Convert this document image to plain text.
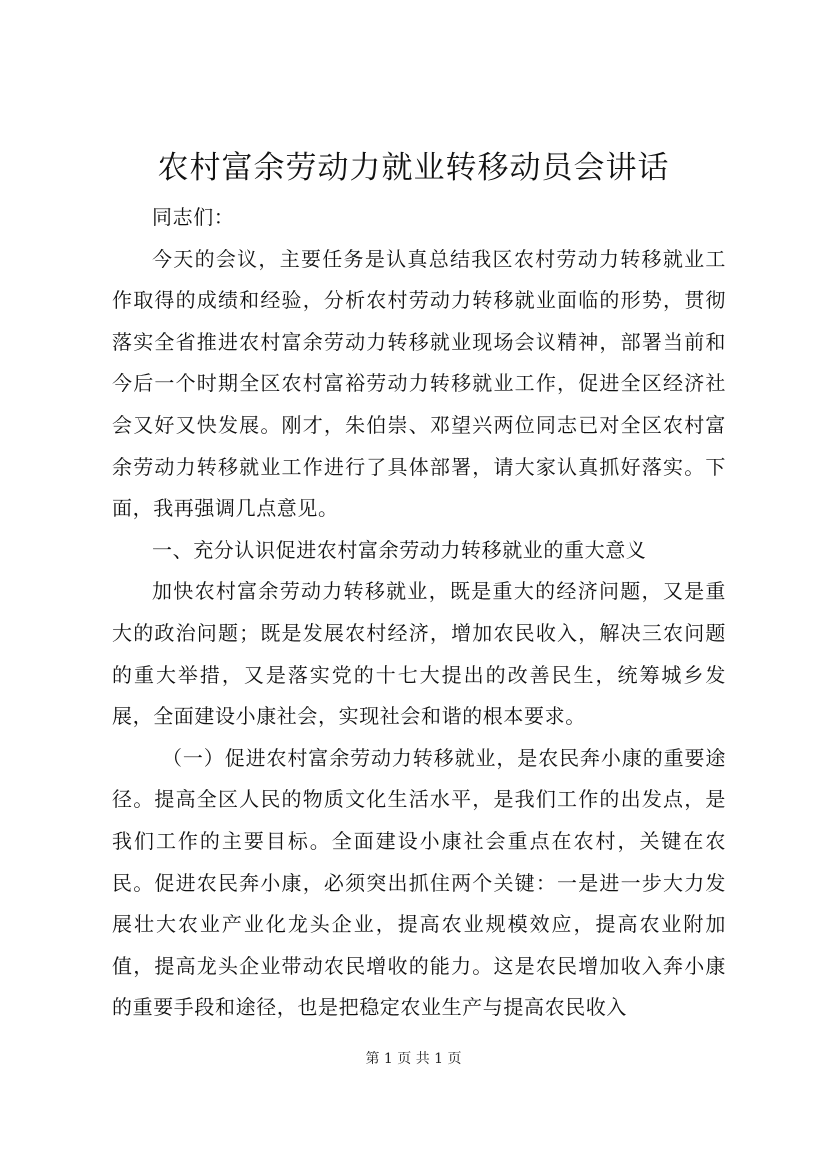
农村富余劳动力就业转移动员会讲话

同志们：

今天的会议，主要任务是认真总结我区农村劳动力转移就业工作取得的成绩和经验，分析农村劳动力转移就业面临的形势，贯彻落实全省推进农村富余劳动力转移就业现场会议精神，部署当前和今后一个时期全区农村富裕劳动力转移就业工作，促进全区经济社会又好又快发展。刚才，朱伯崇、邓望兴两位同志已对全区农村富余劳动力转移就业工作进行了具体部署，请大家认真抓好落实。下面，我再强调几点意见。

一、充分认识促进农村富余劳动力转移就业的重大意义

加快农村富余劳动力转移就业，既是重大的经济问题，又是重大的政治问题；既是发展农村经济，增加农民收入，解决三农问题的重大举措，又是落实党的十七大提出的改善民生，统筹城乡发展，全面建设小康社会，实现社会和谐的根本要求。

（一）促进农村富余劳动力转移就业，是农民奔小康的重要途径。提高全区人民的物质文化生活水平，是我们工作的出发点，是我们工作的主要目标。全面建设小康社会重点在农村，关键在农民。促进农民奔小康，必须突出抓住两个关键：一是进一步大力发展壮大农业产业化龙头企业，提高农业规模效应，提高农业附加值，提高龙头企业带动农民增收的能力。这是农民增加收入奔小康的重要手段和途径，也是把稳定农业生产与提高农民收入

第 1 页 共 1 页
